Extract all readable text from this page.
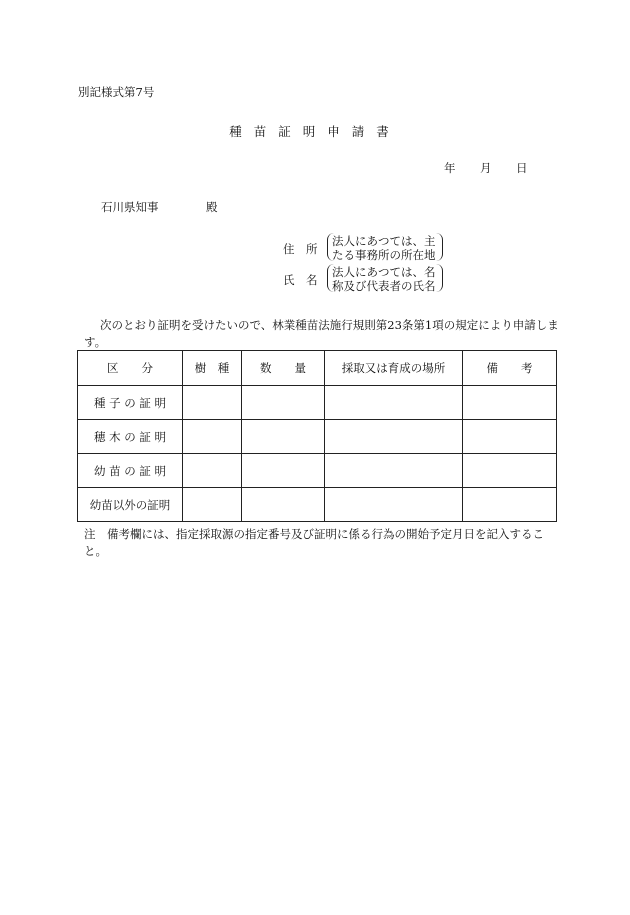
別記様式第7号
種苗証明申請書
年 月 日
石川県知事	殿
住　所
法人にあつては、主
たる事務所の所在地
氏　名
法人にあつては、名
称及び代表者の氏名
次のとおり証明を受けたいので、林業種苗法施行規則第23条第1項の規定により申請します。
区　　分	樹　種	数　　量	採取又は育成の場所	備　　考
種 子 の 証 明				
穂 木 の 証 明				
幼 苗 の 証 明				
幼苗以外の証明				
注　備考欄には、指定採取源の指定番号及び証明に係る行為の開始予定月日を記入すること。
